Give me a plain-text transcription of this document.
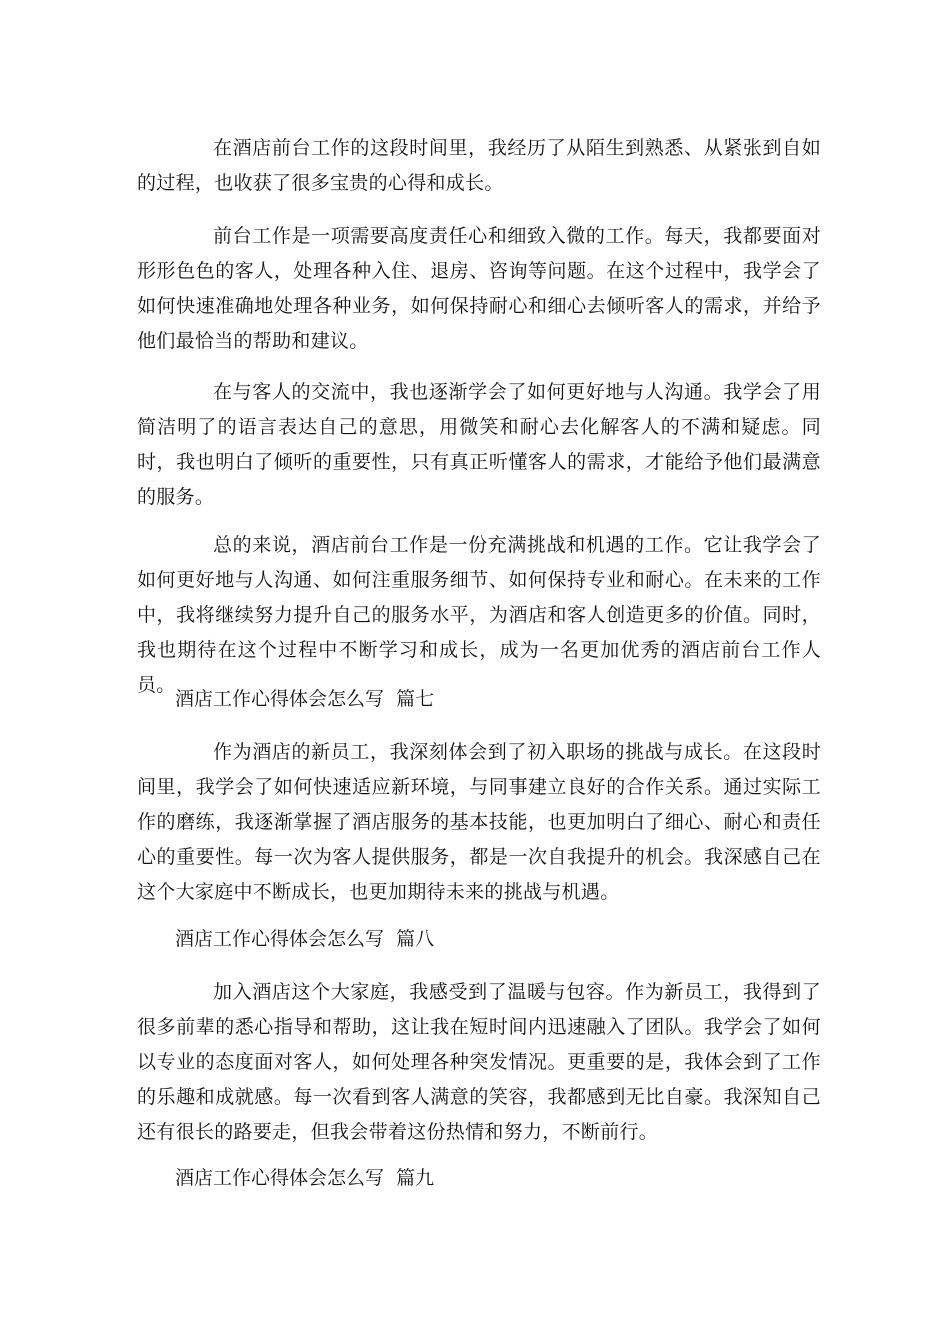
在酒店前台工作的这段时间里，我经历了从陌生到熟悉、从紧张到自如的过程，也收获了很多宝贵的心得和成长。

前台工作是一项需要高度责任心和细致入微的工作。每天，我都要面对形形色色的客人，处理各种入住、退房、咨询等问题。在这个过程中，我学会了如何快速准确地处理各种业务，如何保持耐心和细心去倾听客人的需求，并给予他们最恰当的帮助和建议。

在与客人的交流中，我也逐渐学会了如何更好地与人沟通。我学会了用简洁明了的语言表达自己的意思，用微笑和耐心去化解客人的不满和疑虑。同时，我也明白了倾听的重要性，只有真正听懂客人的需求，才能给予他们最满意的服务。

总的来说，酒店前台工作是一份充满挑战和机遇的工作。它让我学会了如何更好地与人沟通、如何注重服务细节、如何保持专业和耐心。在未来的工作中，我将继续努力提升自己的服务水平，为酒店和客人创造更多的价值。同时，我也期待在这个过程中不断学习和成长，成为一名更加优秀的酒店前台工作人员。

酒店工作心得体会怎么写  篇七

作为酒店的新员工，我深刻体会到了初入职场的挑战与成长。在这段时间里，我学会了如何快速适应新环境，与同事建立良好的合作关系。通过实际工作的磨练，我逐渐掌握了酒店服务的基本技能，也更加明白了细心、耐心和责任心的重要性。每一次为客人提供服务，都是一次自我提升的机会。我深感自己在这个大家庭中不断成长，也更加期待未来的挑战与机遇。

酒店工作心得体会怎么写  篇八

加入酒店这个大家庭，我感受到了温暖与包容。作为新员工，我得到了很多前辈的悉心指导和帮助，这让我在短时间内迅速融入了团队。我学会了如何以专业的态度面对客人，如何处理各种突发情况。更重要的是，我体会到了工作的乐趣和成就感。每一次看到客人满意的笑容，我都感到无比自豪。我深知自己还有很长的路要走，但我会带着这份热情和努力，不断前行。

酒店工作心得体会怎么写  篇九
